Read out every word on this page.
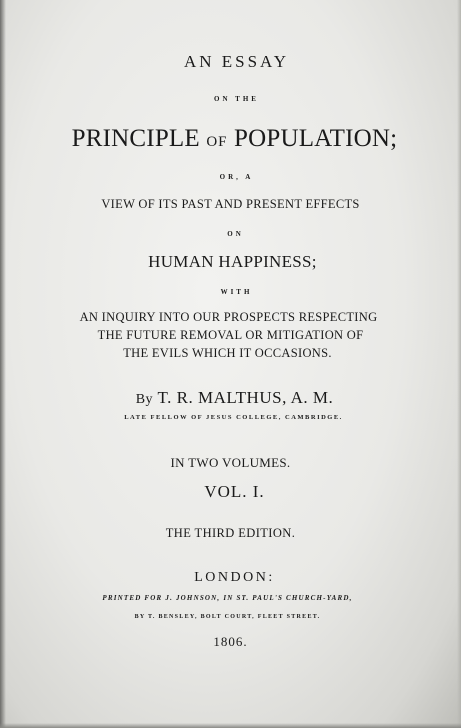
AN ESSAY
ON THE
PRINCIPLE OF POPULATION;
OR, A
VIEW OF ITS PAST AND PRESENT EFFECTS
ON
HUMAN HAPPINESS;
WITH
AN INQUIRY INTO OUR PROSPECTS RESPECTING
THE FUTURE REMOVAL OR MITIGATION OF
THE EVILS WHICH IT OCCASIONS.
By T. R. MALTHUS, A. M.
LATE FELLOW OF JESUS COLLEGE, CAMBRIDGE.
IN TWO VOLUMES.
VOL. I.
THE THIRD EDITION.
LONDON:
PRINTED FOR J. JOHNSON, IN ST. PAUL'S CHURCH-YARD,
BY T. BENSLEY, BOLT COURT, FLEET STREET.
1806.
